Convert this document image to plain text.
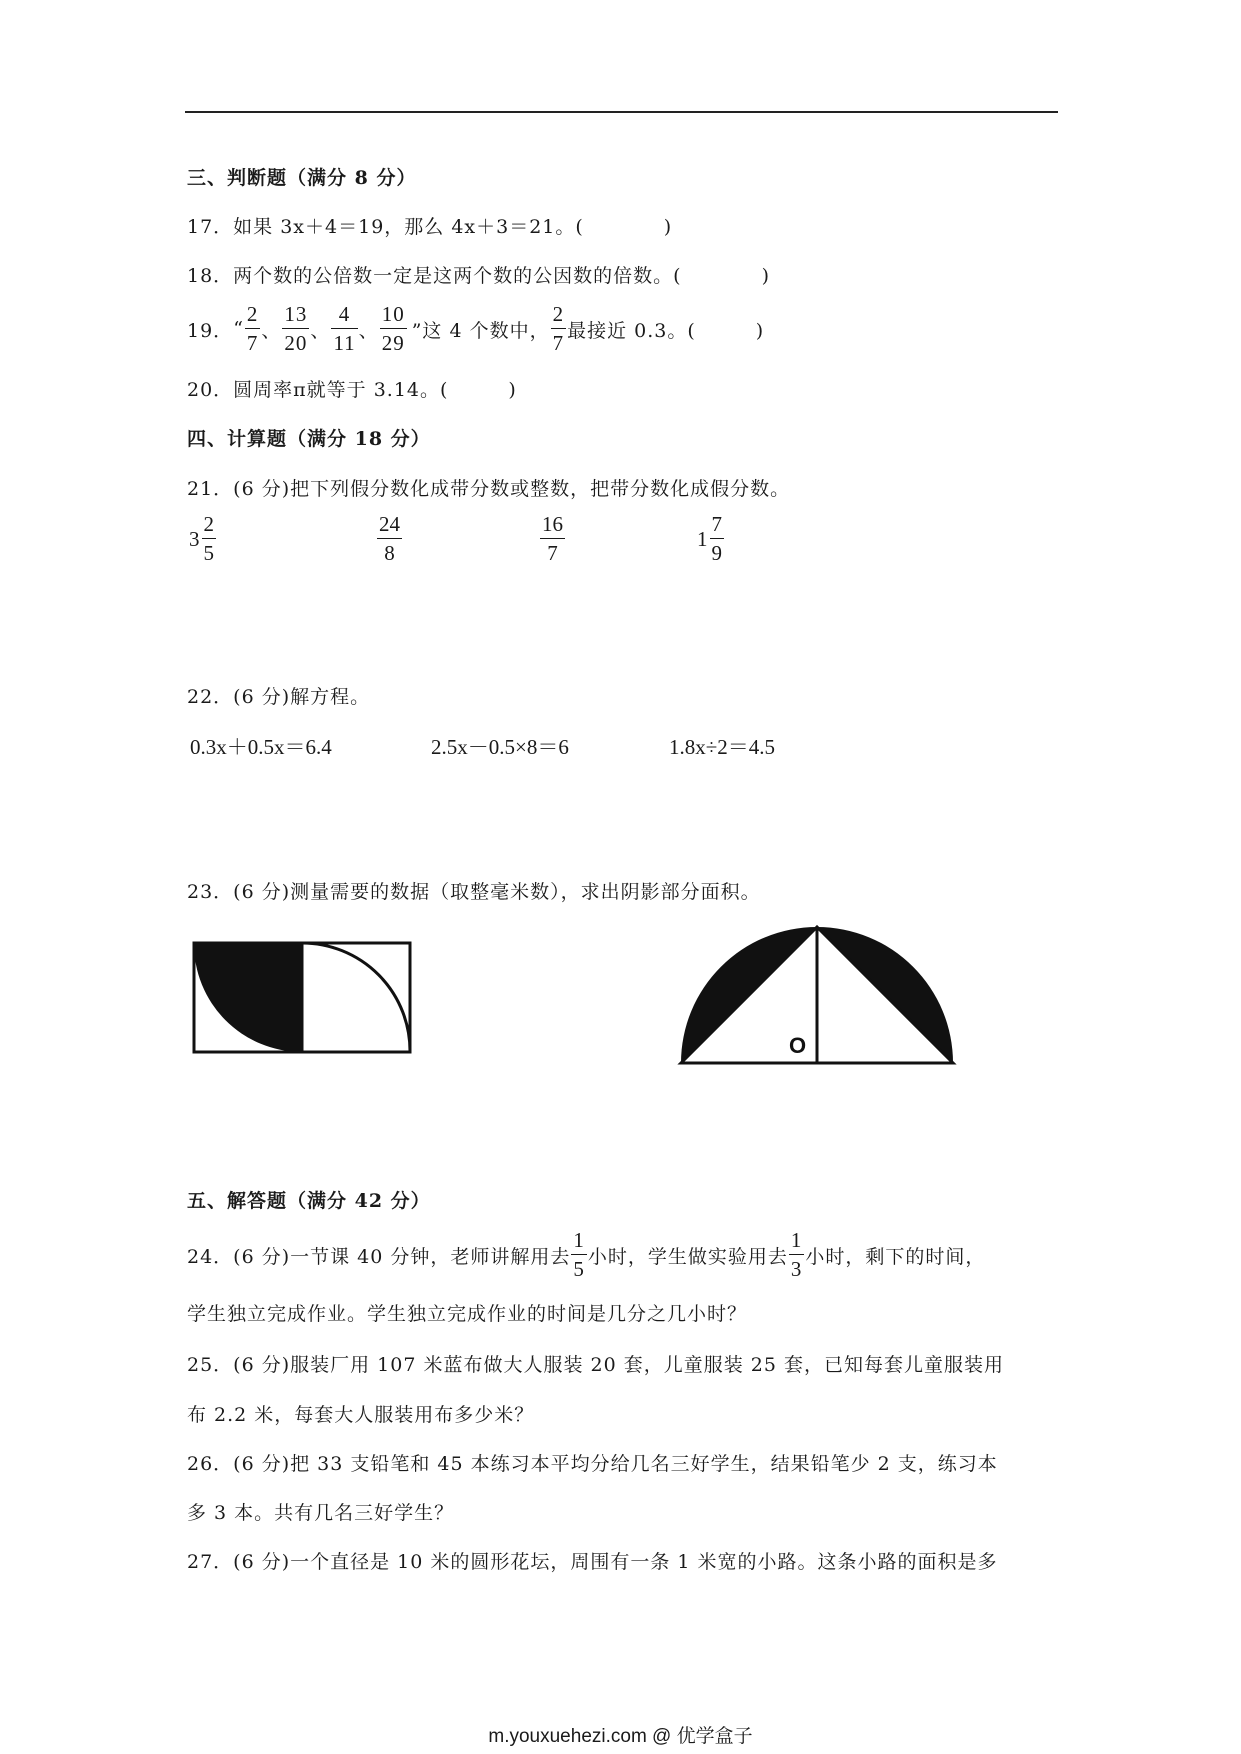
三、判断题（满分 8 分）
17．如果 3x＋4＝19，那么 4x＋3＝21。(　　　　)
18．两个数的公倍数一定是这两个数的公因数的倍数。(　　　　)
19． “ $\frac{2}{7}$ 、 $\frac{13}{20}$ 、 $\frac{4}{11}$ 、 $\frac{10}{29}$ ”这 4 个数中， $\frac{2}{7}$ 最接近 0.3。(　　　)
20．圆周率π就等于 3.14。(　　　)
四、计算题（满分 18 分）
21．(6 分)把下列假分数化成带分数或整数，把带分数化成假分数。
$3 \frac{2}{5}$	$\frac{24}{8}$	$\frac{16}{7}$	$1 \frac{7}{9}$
22．(6 分)解方程。
0.3x＋0.5x＝6.4	2.5x－0.5×8＝6	1.8x÷2＝4.5
23．(6 分)测量需要的数据（取整毫米数），求出阴影部分面积。
O
五、解答题（满分 42 分）
24．(6 分)一节课 40 分钟，老师讲解用去 $\frac{1}{5}$ 小时，学生做实验用去 $\frac{1}{3}$ 小时，剩下的时间，
学生独立完成作业。学生独立完成作业的时间是几分之几小时？
25．(6 分)服装厂用 107 米蓝布做大人服装 20 套，儿童服装 25 套，已知每套儿童服装用
布 2.2 米，每套大人服装用布多少米？
26．(6 分)把 33 支铅笔和 45 本练习本平均分给几名三好学生，结果铅笔少 2 支，练习本
多 3 本。共有几名三好学生？
27．(6 分)一个直径是 10 米的圆形花坛，周围有一条 1 米宽的小路。这条小路的面积是多
m.youxuehezi.com @ 优学盒子
